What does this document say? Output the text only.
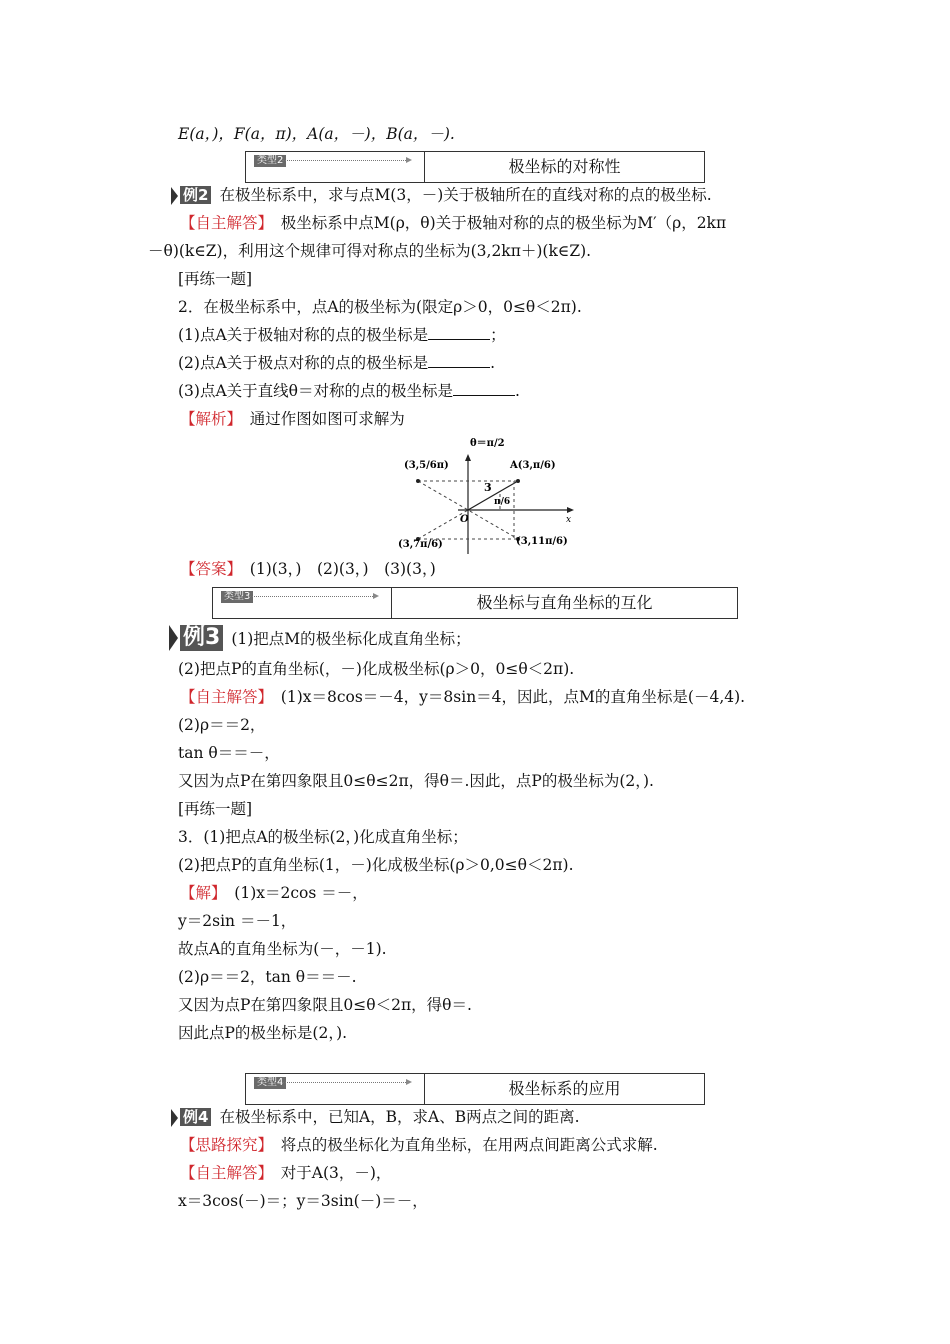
E(a，)，F(a，π)，A(a，－)，B(a，－).
类型2	极坐标的对称性
例2 在极坐标系中，求与点M(3，－)关于极轴所在的直线对称的点的极坐标.
【自主解答】　 极坐标系中点M(ρ，θ)关于极轴对称的点的极坐标为M′（ρ，2kπ
－θ)(k∈Z)，利用这个规律可得对称点的坐标为(3,2kπ＋)(k∈Z).
[再练一题]
2．在极坐标系中，点A的极坐标为(限定ρ＞0，0≤θ＜2π).
(1)点A关于极轴对称的点的极坐标是	；
(2)点A关于极点对称的点的极坐标是	.
(3)点A关于直线θ＝对称的点的极坐标是	.
【解析】　 通过作图如图可求解为
θ＝π/2
A(3,π/6)
(3,5/6π)
(3,7π/6)	(3,11π/6)
3
π/6
O	x
【答案】　 (1)(3，)　(2)(3，)　(3)(3，)
类型3	极坐标与直角坐标的互化
例3 (1)把点M的极坐标化成直角坐标；
(2)把点P的直角坐标(，－)化成极坐标(ρ＞0，0≤θ＜2π).
【自主解答】　 (1)x＝8cos＝－4，y＝8sin＝4，因此，点M的直角坐标是(－4,4).
(2)ρ＝＝2，
tan θ＝＝－，
又因为点P在第四象限且0≤θ≤2π，得θ＝.因此，点P的极坐标为(2，).
[再练一题]
3．(1)把点A的极坐标(2，)化成直角坐标；
(2)把点P的直角坐标(1，－)化成极坐标(ρ＞0,0≤θ＜2π).
【解】　 (1)x＝2cos ＝－，
y＝2sin ＝－1，
故点A的直角坐标为(－，－1).
(2)ρ＝＝2，tan θ＝＝－.
又因为点P在第四象限且0≤θ＜2π，得θ＝.
因此点P的极坐标是(2，).
类型4	极坐标系的应用
例4 在极坐标系中，已知A，B，求A、B两点之间的距离.
【思路探究】　 将点的极坐标化为直角坐标，在用两点间距离公式求解.
【自主解答】　 对于A(3，－)，
x＝3cos(－)＝；y＝3sin(－)＝－，
